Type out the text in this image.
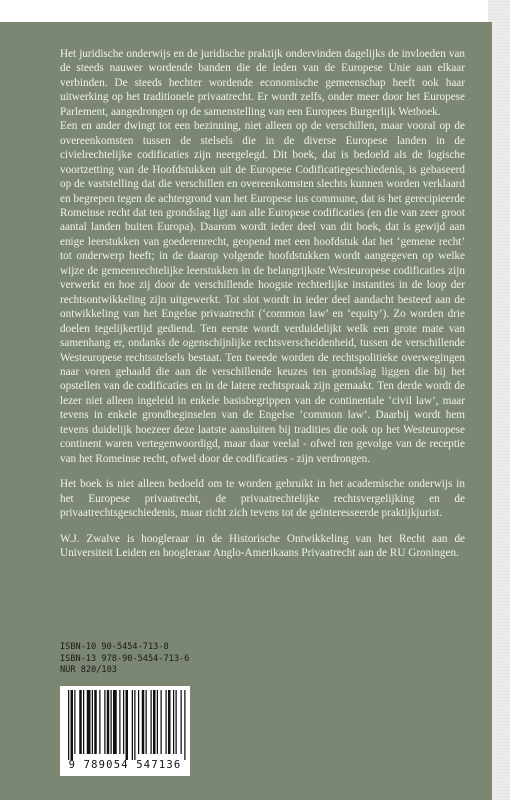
Het juridische onderwijs en de juridische praktijk ondervinden dagelijks de invloeden van de steeds nauwer wordende banden die de leden van de Europese Unie aan elkaar verbinden. De steeds hechter wordende economische gemeenschap heeft ook haar uitwerking op het traditionele privaatrecht. Er wordt zelfs, onder meer door het Europese Parlement, aangedrongen op de samenstelling van een Europees Burgerlijk Wetboek.

Een en ander dwingt tot een bezinning, niet alleen op de verschillen, maar vooral op de overeenkomsten tussen de stelsels die in de diverse Europese landen in de civielrechtelijke codificaties zijn neergelegd. Dit boek, dat is bedoeld als de logische voortzetting van de Hoofdstukken uit de Europese Codificatiegeschiedenis, is gebaseerd op de vaststelling dat die verschillen en overeenkomsten slechts kunnen worden verklaard en begrepen tegen de achtergrond van het Europese ius commune, dat is het gerecipieerde Romeinse recht dat ten grondslag ligt aan alle Europese codificaties (en die van zeer groot aantal landen buiten Europa). Daarom wordt ieder deel van dit boek, dat is gewijd aan enige leerstukken van goederenrecht, geopend met een hoofdstuk dat het ‘gemene recht’ tot onderwerp heeft; in de daarop volgende hoofdstukken wordt aangegeven op welke wijze de gemeenrechtelijke leerstukken in de belangrijkste Westeuropese codificaties zijn verwerkt en hoe zij door de verschillende hoogste rechterlijke instanties in de loop der rechtsontwikkeling zijn uitgewerkt. Tot slot wordt in ieder deel aandacht besteed aan de ontwikkeling van het Engelse privaatrecht (‘common law’ en ‘equity’). Zo worden drie doelen tegelijkertijd gediend. Ten eerste wordt verduidelijkt welk een grote mate van samenhang er, ondanks de ogenschijnlijke rechtsverscheidenheid, tussen de verschillende Westeuropese rechtsstelsels bestaat. Ten tweede worden de rechtspolitieke overwegingen naar voren gehaald die aan de verschillende keuzes ten grondslag liggen die bij het opstellen van de codificaties en in de latere rechtspraak zijn gemaakt. Ten derde wordt de lezer niet alleen ingeleid in enkele basisbegrippen van de continentale ‘civil law’, maar tevens in enkele grondbeginselen van de Engelse ‘common law’. Daarbij wordt hem tevens duidelijk hoezeer deze laatste aansluiten bij tradities die ook op het Westeuropese continent waren vertegenwoordigd, maar daar veelal - ofwel ten gevolge van de receptie van het Romeinse recht, ofwel door de codificaties - zijn verdrongen.

Het boek is niet alleen bedoeld om te worden gebruikt in het academische onderwijs in het Europese privaatrecht, de privaatrechtelijke rechtsvergelijking en de privaatrechtsgeschiedenis, maar richt zich tevens tot de geïnteresseerde praktijkjurist.

W.J. Zwalve is hoogleraar in de Historische Ontwikkeling van het Recht aan de Universiteit Leiden en hoogleraar Anglo-Amerikaans Privaatrecht aan de RU Groningen.

ISBN-10 90-5454-713-8
ISBN-13 978-90-5454-713-6
NUR 820/103
9 789054 547136
